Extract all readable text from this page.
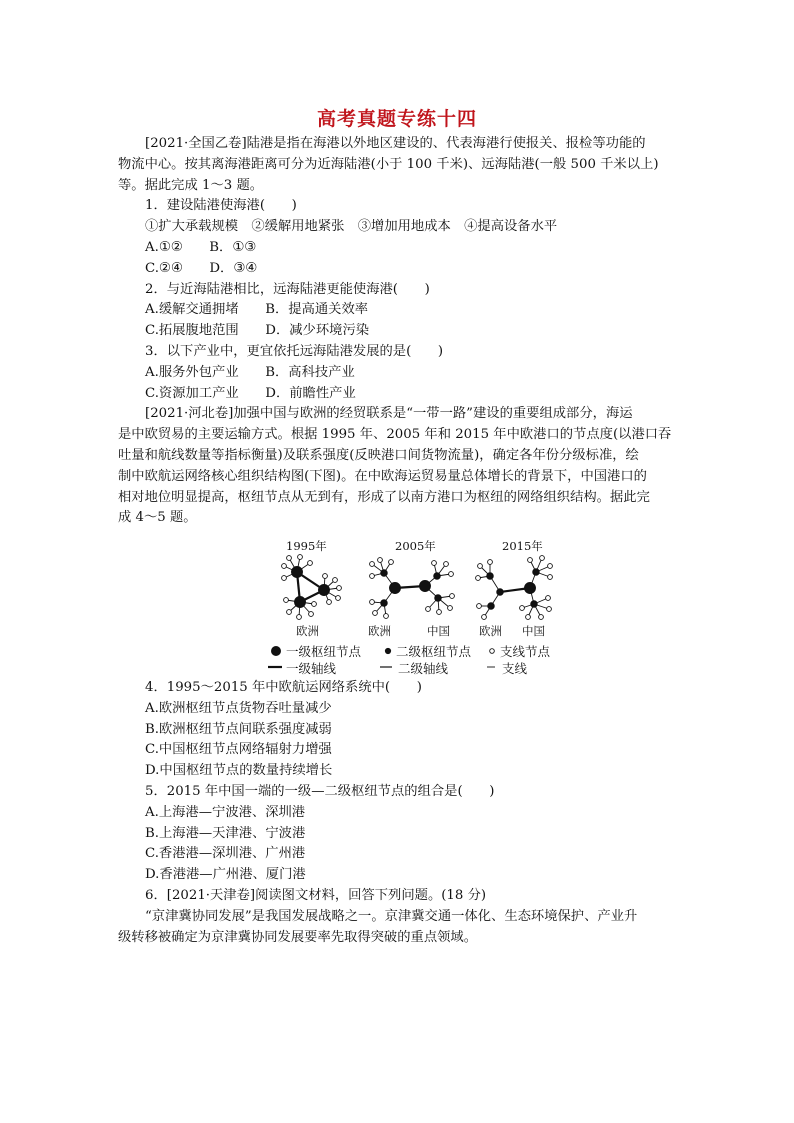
高考真题专练十四

[2021·全国乙卷]陆港是指在海港以外地区建设的、代表海港行使报关、报检等功能的

物流中心。按其离海港距离可分为近海陆港(小于 100 千米)、远海陆港(一般 500 千米以上)

等。据此完成 1～3 题。

1．建设陆港使海港(　　)

①扩大承载规模　②缓解用地紧张　③增加用地成本　④提高设备水平

A.①②　　B．①③

C.②④　　D．③④

2．与近海陆港相比，远海陆港更能使海港(　　)

A.缓解交通拥堵　　B．提高通关效率

C.拓展腹地范围　　D．减少环境污染

3．以下产业中，更宜依托远海陆港发展的是(　　)

A.服务外包产业　　B．高科技产业

C.资源加工产业　　D．前瞻性产业

[2021·河北卷]加强中国与欧洲的经贸联系是“一带一路”建设的重要组成部分，海运

是中欧贸易的主要运输方式。根据 1995 年、2005 年和 2015 年中欧港口的节点度(以港口吞

吐量和航线数量等指标衡量)及联系强度(反映港口间货物流量)，确定各年份分级标准，绘

制中欧航运网络核心组织结构图(下图)。在中欧海运贸易量总体增长的背景下，中国港口的

相对地位明显提高，枢纽节点从无到有，形成了以南方港口为枢纽的网络组织结构。据此完

成 4～5 题。

1995年	2005年	2015年
欧洲	欧洲	中国	欧洲 中国
一级枢纽节点	二级枢纽节点 支线节点
一级轴线	二级轴线	支线

4．1995～2015 年中欧航运网络系统中(　　)

A.欧洲枢纽节点货物吞吐量减少

B.欧洲枢纽节点间联系强度减弱

C.中国枢纽节点网络辐射力增强

D.中国枢纽节点的数量持续增长

5．2015 年中国一端的一级—二级枢纽节点的组合是(　　)

A.上海港—宁波港、深圳港

B.上海港—天津港、宁波港

C.香港港—深圳港、广州港

D.香港港—广州港、厦门港

6．[2021·天津卷]阅读图文材料，回答下列问题。(18 分)

“京津冀协同发展”是我国发展战略之一。京津冀交通一体化、生态环境保护、产业升

级转移被确定为京津冀协同发展要率先取得突破的重点领域。
